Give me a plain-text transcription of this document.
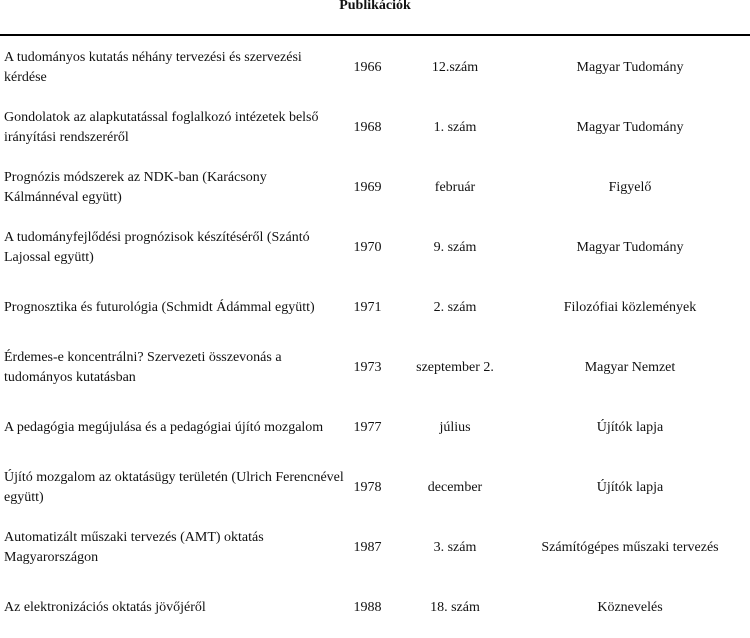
Publikációk
A tudományos kutatás néhány tervezési és szervezési kérdése
1966	12.szám	Magyar Tudomány
Gondolatok az alapkutatással foglalkozó intézetek belső irányítási rendszeréről
1968	1. szám	Magyar Tudomány
Prognózis módszerek az NDK-ban (Karácsony Kálmánnéval együtt)
1969	február	Figyelő
A tudományfejlődési prognózisok készítéséről (Szántó Lajossal együtt)
1970	9. szám	Magyar Tudomány
Prognosztika és futurológia (Schmidt Ádámmal együtt)	1971	2. szám	Filozófiai közlemények
Érdemes-e koncentrálni? Szervezeti összevonás a tudományos kutatásban
1973 szeptember 2.	Magyar Nemzet
A pedagógia megújulása és a pedagógiai újító mozgalom 1977	július	Újítók lapja
Újító mozgalom az oktatásügy területén (Ulrich Ferencnével együtt)
1978	december	Újítók lapja
Automatizált műszaki tervezés (AMT) oktatás Magyarországon
1987	3. szám	Számítógépes műszaki tervezés
Az elektronizációs oktatás jövőjéről	1988	18. szám	Köznevelés
